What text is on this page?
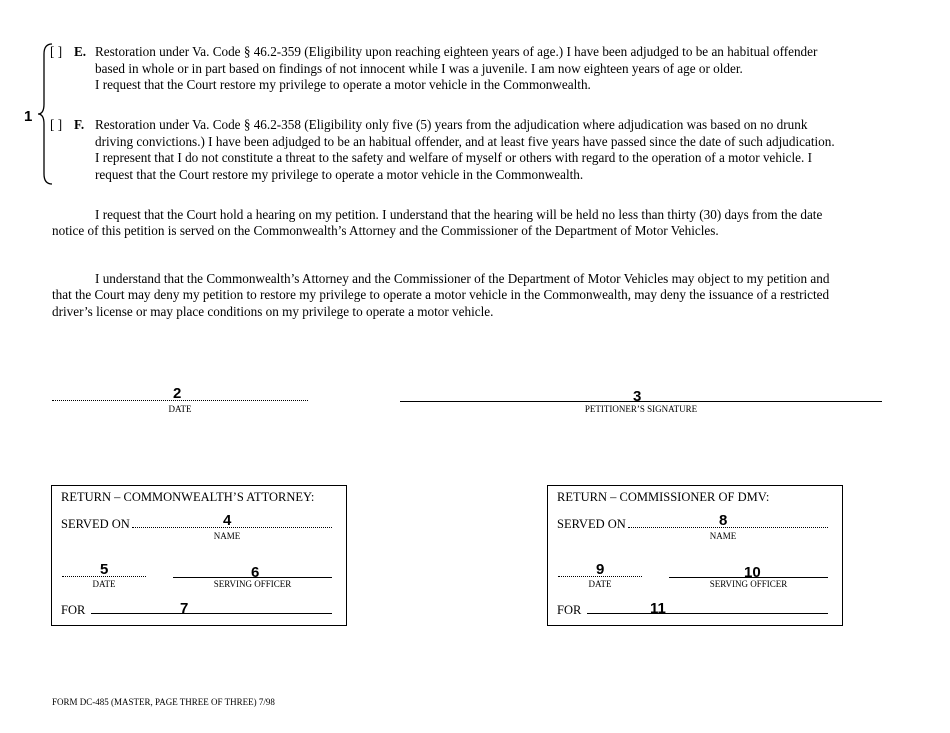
1
[ ] E. Restoration under Va. Code § 46.2-359 (Eligibility upon reaching eighteen years of age.) I have been adjudged to be an habitual offender
based in whole or in part based on findings of not innocent while I was a juvenile. I am now eighteen years of age or older.
I request that the Court restore my privilege to operate a motor vehicle in the Commonwealth.
[ ] F. Restoration under Va. Code § 46.2-358 (Eligibility only five (5) years from the adjudication where adjudication was based on no drunk
driving convictions.) I have been adjudged to be an habitual offender, and at least five years have passed since the date of such adjudication.
I represent that I do not constitute a threat to the safety and welfare of myself or others with regard to the operation of a motor vehicle. I
request that the Court restore my privilege to operate a motor vehicle in the Commonwealth.
I request that the Court hold a hearing on my petition. I understand that the hearing will be held no less than thirty (30) days from the date
notice of this petition is served on the Commonwealth’s Attorney and the Commissioner of the Department of Motor Vehicles.
I understand that the Commonwealth’s Attorney and the Commissioner of the Department of Motor Vehicles may object to my petition and
that the Court may deny my petition to restore my privilege to operate a motor vehicle in the Commonwealth, may deny the issuance of a restricted
driver’s license or may place conditions on my privilege to operate a motor vehicle.
2
DATE
3
PETITIONER’S SIGNATURE
RETURN – COMMONWEALTH’S ATTORNEY:
SERVED ON	4
NAME
5
DATE
6
SERVING OFFICER
FOR	7
RETURN – COMMISSIONER OF DMV:
SERVED ON	8
NAME
9
DATE
10
SERVING OFFICER
FOR	11
FORM DC-485 (MASTER, PAGE THREE OF THREE) 7/98
